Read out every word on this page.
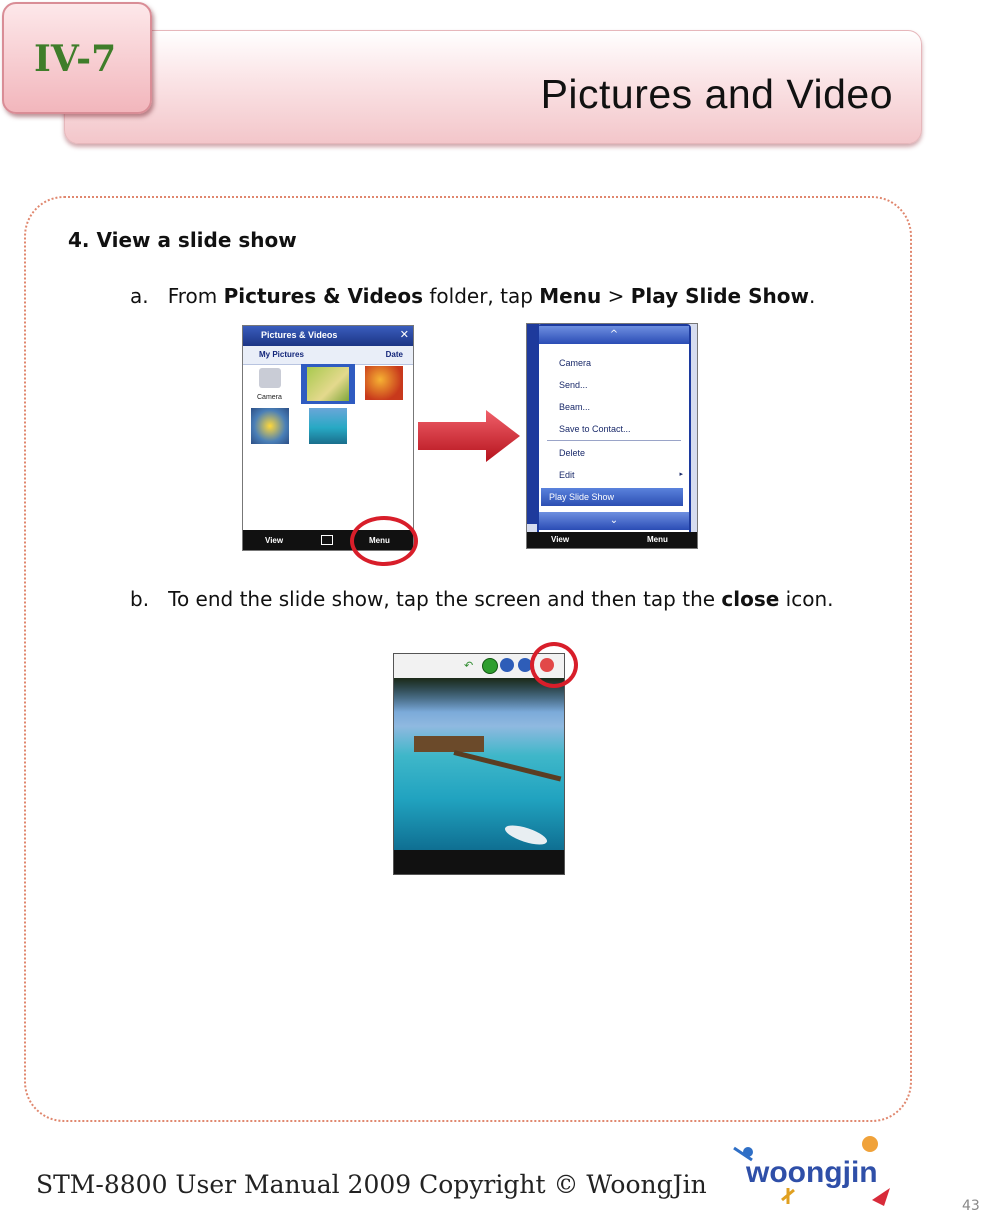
Pictures and Video
IV-7
4. View a slide show
a. From Pictures & Videos folder, tap Menu > Play Slide Show.
Pictures & Videos	✕
My Pictures	Date
Camera
View	Menu
^
Camera
Send...
Beam...
Save to Contact...
Delete
Edit	▸
Play Slide Show
⌄
View	Menu
b. To end the slide show, tap the screen and then tap the close icon.
↶
STM-8800 User Manual 2009 Copyright © WoongJin woongjin
43
